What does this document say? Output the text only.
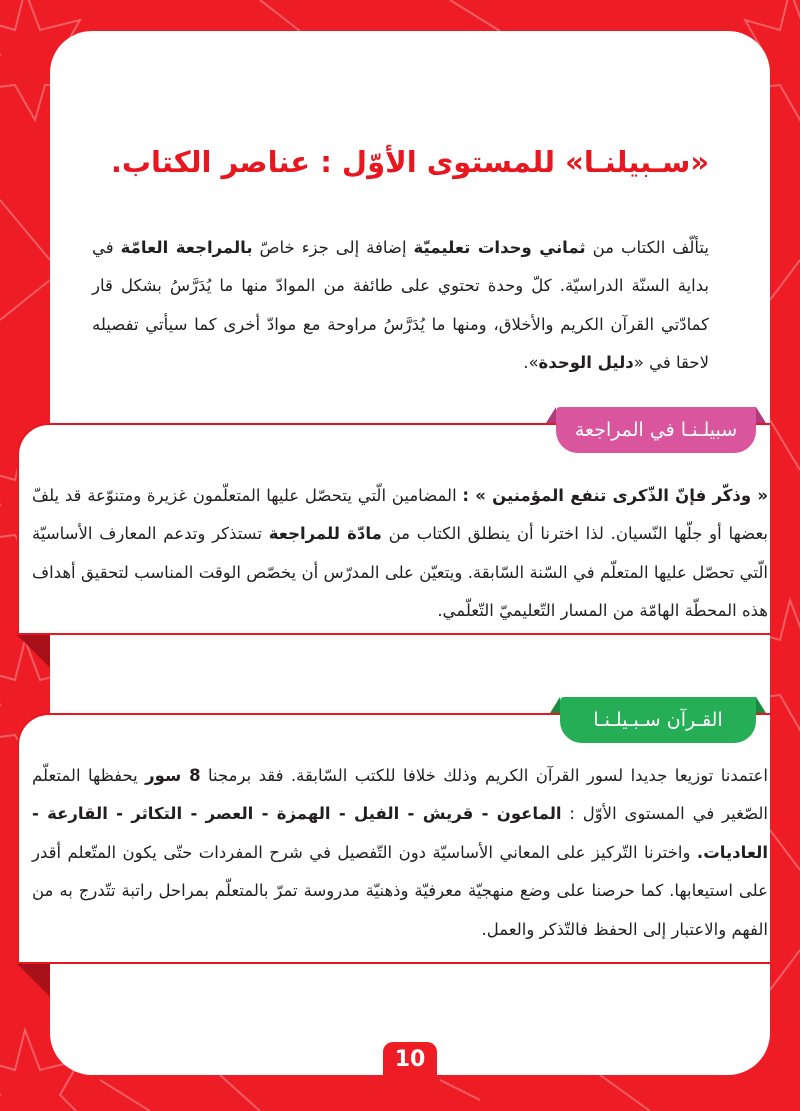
«سـبيلنـا» للمستوى الأوّل : عناصر الكتاب.

يتألّف الكتاب من ثماني وحدات تعليميّة إضافة إلى جزء خاصّ بالمراجعة العامّة في بداية السنّة الدراسيّة. كلّ وحدة تحتوي على طائفة من الموادّ منها ما يُدَرَّسُ بشكل قار كمادّتي القرآن الكريم والأخلاق، ومنها ما يُدَرَّسُ مراوحة مع موادّ أخرى كما سيأتي تفصيله لاحقا في «دليل الوحدة».

« وذكّر فإنّ الذّكرى تنفع المؤمنين » : المضامين الّتي يتحصّل عليها المتعلّمون غزيرة ومتنوّعة قد يلفّ بعضها أو جلّها النّسيان. لذا اخترنا أن ينطلق الكتاب من مادّة للمراجعة تستذكر وتدعم المعارف الأساسيّة الّتي تحصّل عليها المتعلّم في السّنة السّابقة. ويتعيّن على المدرّس أن يخصّص الوقت المناسب لتحقيق أهداف هذه المحطّة الهامّة من المسار التّعليميّ التّعلّمي.

سبيلـنـا في المراجعة

اعتمدنا توزيعا جديدا لسور القرآن الكريم وذلك خلافا للكتب السّابقة. فقد برمجنا 8 سور يحفظها المتعلّم الصّغير في المستوى الأوّل : الماعون - قريش - الفيل - الهمزة - العصر - التكاثر - القارعة - العاديات. واخترنا التّركيز على المعاني الأساسيّة دون التّفصيل في شرح المفردات حتّى يكون المتّعلم أقدر على استيعابها. كما حرصنا على وضع منهجيّة معرفيّة وذهنيّة مدروسة تمرّ بالمتعلّم بمراحل راتبة تتّدرج به من الفهم والاعتبار إلى الحفظ فالتّذكر والعمل.

القـرآن سـبـيلـنـا
10
